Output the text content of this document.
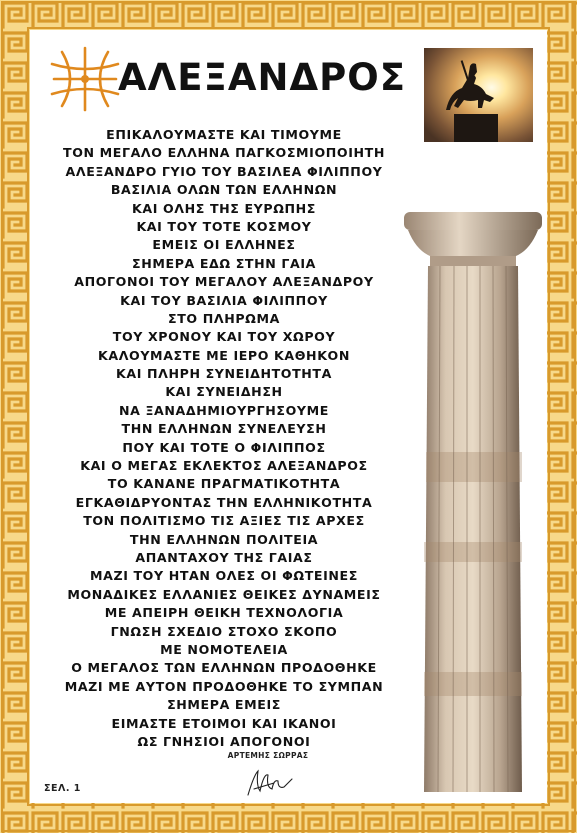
ΑΛΕΞΑΝΔΡΟΣ
ΕΠΙΚΑΛΟΥΜΑΣΤΕ ΚΑΙ ΤΙΜΟΥΜΕ
ΤΟΝ ΜΕΓΑΛΟ ΕΛΛΗΝΑ ΠΑΓΚΟΣΜΙΟΠΟΙΗΤΗ
ΑΛΕΞΑΝΔΡΟ ΓΥΙΟ ΤΟΥ ΒΑΣΙΛΕΑ ΦΙΛΙΠΠΟΥ
ΒΑΣΙΛΙΑ ΟΛΩΝ ΤΩΝ ΕΛΛΗΝΩΝ
ΚΑΙ ΟΛΗΣ ΤΗΣ ΕΥΡΩΠΗΣ
ΚΑΙ ΤΟΥ ΤΟΤΕ ΚΟΣΜΟΥ
ΕΜΕΙΣ ΟΙ ΕΛΛΗΝΕΣ
ΣΗΜΕΡΑ ΕΔΩ ΣΤΗΝ ΓΑΙΑ
ΑΠΟΓΟΝΟΙ ΤΟΥ ΜΕΓΑΛΟΥ ΑΛΕΞΑΝΔΡΟΥ
ΚΑΙ ΤΟΥ ΒΑΣΙΛΙΑ ΦΙΛΙΠΠΟΥ
ΣΤΟ ΠΛΗΡΩΜΑ
ΤΟΥ ΧΡΟΝΟΥ ΚΑΙ ΤΟΥ ΧΩΡΟΥ
ΚΑΛΟΥΜΑΣΤΕ ΜΕ ΙΕΡΟ ΚΑΘΗΚΟΝ
ΚΑΙ ΠΛΗΡΗ ΣΥΝΕΙΔΗΤΟΤΗΤΑ
ΚΑΙ ΣΥΝΕΙΔΗΣΗ
ΝΑ ΞΑΝΑΔΗΜΙΟΥΡΓΗΣΟΥΜΕ
ΤΗΝ ΕΛΛΗΝΩΝ ΣΥΝΕΛΕΥΣΗ
ΠΟΥ ΚΑΙ ΤΟΤΕ Ο ΦΙΛΙΠΠΟΣ
ΚΑΙ Ο ΜΕΓΑΣ ΕΚΛΕΚΤΟΣ ΑΛΕΞΑΝΔΡΟΣ
ΤΟ ΚΑΝΑΝΕ ΠΡΑΓΜΑΤΙΚΟΤΗΤΑ
ΕΓΚΑΘΙΔΡΥΟΝΤΑΣ ΤΗΝ ΕΛΛΗΝΙΚΟΤΗΤΑ
ΤΟΝ ΠΟΛΙΤΙΣΜΟ ΤΙΣ ΑΞΙΕΣ ΤΙΣ ΑΡΧΕΣ
ΤΗΝ ΕΛΛΗΝΩΝ ΠΟΛΙΤΕΙΑ
ΑΠΑΝΤΑΧΟΥ ΤΗΣ ΓΑΙΑΣ
ΜΑΖΙ ΤΟΥ ΗΤΑΝ ΟΛΕΣ ΟΙ ΦΩΤΕΙΝΕΣ
ΜΟΝΑΔΙΚΕΣ ΕΛΛΑΝΙΕΣ ΘΕΙΚΕΣ ΔΥΝΑΜΕΙΣ
ΜΕ ΑΠΕΙΡΗ ΘΕΙΚΗ ΤΕΧΝΟΛΟΓΙΑ
ΓΝΩΣΗ ΣΧΕΔΙΟ ΣΤΟΧΟ ΣΚΟΠΟ
ΜΕ ΝΟΜΟΤΕΛΕΙΑ
Ο ΜΕΓΑΛΟΣ ΤΩΝ ΕΛΛΗΝΩΝ ΠΡΟΔΟΘΗΚΕ
ΜΑΖΙ ΜΕ ΑΥΤΟΝ ΠΡΟΔΟΘΗΚΕ ΤΟ ΣΥΜΠΑΝ
ΣΗΜΕΡΑ ΕΜΕΙΣ
ΕΙΜΑΣΤΕ ΕΤΟΙΜΟΙ ΚΑΙ ΙΚΑΝΟΙ
ΩΣ ΓΝΗΣΙΟΙ ΑΠΟΓΟΝΟΙ
ΑΡΤΕΜΗΣ ΣΩΡΡΑΣ
ΣΕΛ. 1
